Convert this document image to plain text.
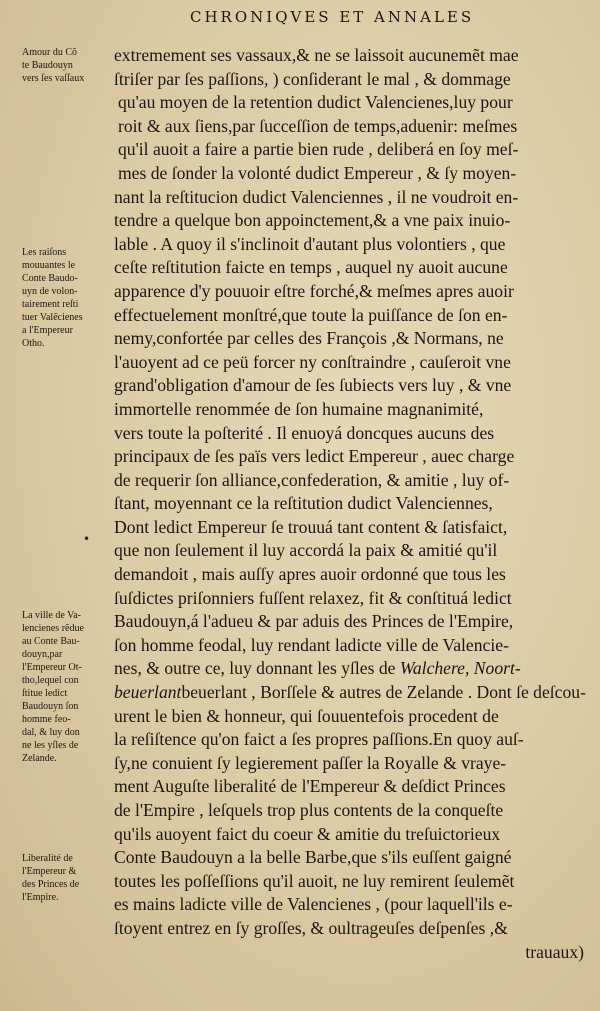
CHRONIQVES ET ANNALES
Amour du Cõ
te Baudouyn
vers ſes vaſſaux
Les raiſons
mouuantes le
Conte Baudo-
uyn de volon-
tairement reſti
tuer Valẽcienes
a l'Empereur
Otho.
La ville de Va-
lencienes rẽdue
au Conte Bau-
douyn,par
l'Empereur Ot-
tho,lequel con
ſtitue ledict
Baudouyn ſon
homme feo-
dal, & luy don
ne les yſles de
Zelande.
Liberalité de
l'Empereur &
des Princes de
l'Empire.
•
extremement ses vassaux,& ne se laissoit aucunemẽt mae
ſtriſer par ſes paſſions, ) conſiderant le mal , & dommage
qu'au moyen de la retention dudict Valencienes,luy pour
roit & aux ſiens,par ſucceſſion de temps,aduenir: meſmes
qu'il auoit a faire a partie bien rude , deliberá en ſoy meſ-
mes de ſonder la volonté dudict Empereur , & ſy moyen-
nant la reſtitucion dudict Valenciennes , il ne voudroit en-
tendre a quelque bon appoinctement,& a vne paix inuio-
lable . A quoy il s'inclinoit d'autant plus volontiers , que
ceſte reſtitution faicte en temps , auquel ny auoit aucune
apparence d'y pouuoir eſtre forché,& meſmes apres auoir
effectuelement monſtré,que toute la puiſſance de ſon en-
nemy,confortée par celles des François ,& Normans, ne
l'auoyent ad ce peü forcer ny conſtraindre , cauſeroit vne
grand'obligation d'amour de ſes ſubiects vers luy , & vne
immortelle renommée de ſon humaine magnanimité,
vers toute la poſterité . Il enuoyá doncques aucuns des
principaux de ſes païs vers ledict Empereur , auec charge
de requerir ſon alliance,confederation, & amitie , luy of-
ſtant, moyennant ce la reſtitution dudict Valenciennes,
Dont ledict Empereur ſe trouuá tant content & ſatisfaict,
que non ſeulement il luy accordá la paix & amitié qu'il
demandoit , mais auſſy apres auoir ordonné que tous les
ſuſdictes priſonniers fuſſent relaxez, fit & conſtituá ledict
Baudouyn,á l'adueu & par aduis des Princes de l'Empire,
ſon homme feodal, luy rendant ladicte ville de Valencie-
nes, & outre ce, luy donnant les yſles de Walchere, Noort-
beuerlantbeuerlant , Borſſele & autres de Zelande . Dont ſe deſcou-
urent le bien & honneur, qui ſouuentefois procedent de
la reſiſtence qu'on faict a ſes propres paſſions.En quoy auſ-
ſy,ne conuient ſy legierement paſſer la Royalle & vraye-
ment Auguſte liberalité de l'Empereur & deſdict Princes
de l'Empire , leſquels trop plus contents de la conqueſte
qu'ils auoyent faict du coeur & amitie du treſuictorieux
Conte Baudouyn a la belle Barbe,que s'ils euſſent gaigné
toutes les poſſeſſions qu'il auoit, ne luy remirent ſeulemẽt
es mains ladicte ville de Valencienes , (pour laquell'ils e-
ſtoyent entrez en ſy groſſes, & oultrageuſes deſpenſes ,&
trauaux)
